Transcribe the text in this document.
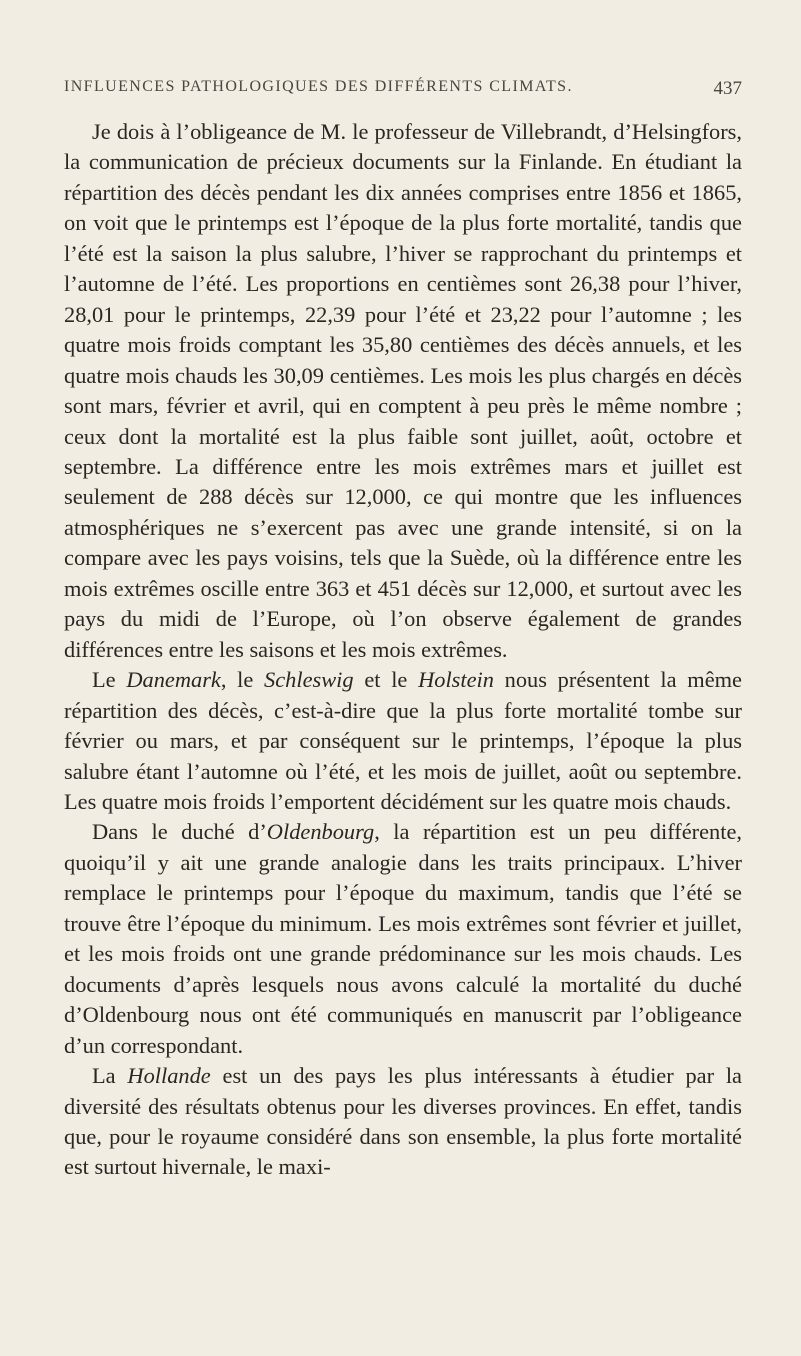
INFLUENCES PATHOLOGIQUES DES DIFFÉRENTS CLIMATS.	437

Je dois à l’obligeance de M. le professeur de Villebrandt, d’Helsingfors, la communication de précieux documents sur la Finlande. En étudiant la répartition des décès pendant les dix années comprises entre 1856 et 1865, on voit que le printemps est l’époque de la plus forte mortalité, tandis que l’été est la saison la plus salubre, l’hiver se rapprochant du printemps et l’automne de l’été. Les proportions en centièmes sont 26,38 pour l’hiver, 28,01 pour le printemps, 22,39 pour l’été et 23,22 pour l’automne ; les quatre mois froids comptant les 35,80 centièmes des décès annuels, et les quatre mois chauds les 30,09 centièmes. Les mois les plus chargés en décès sont mars, février et avril, qui en comptent à peu près le même nombre ; ceux dont la mortalité est la plus faible sont juillet, août, octobre et septembre. La différence entre les mois extrêmes mars et juillet est seulement de 288 décès sur 12,000, ce qui montre que les influences atmosphériques ne s’exercent pas avec une grande intensité, si on la compare avec les pays voisins, tels que la Suède, où la différence entre les mois extrêmes oscille entre 363 et 451 décès sur 12,000, et surtout avec les pays du midi de l’Europe, où l’on observe également de grandes différences entre les saisons et les mois extrêmes.

Le Danemark, le Schleswig et le Holstein nous présentent la même répartition des décès, c’est-à-dire que la plus forte mortalité tombe sur février ou mars, et par conséquent sur le printemps, l’époque la plus salubre étant l’automne où l’été, et les mois de juillet, août ou septembre. Les quatre mois froids l’emportent décidément sur les quatre mois chauds.

Dans le duché d’Oldenbourg, la répartition est un peu différente, quoiqu’il y ait une grande analogie dans les traits principaux. L’hiver remplace le printemps pour l’époque du maximum, tandis que l’été se trouve être l’époque du minimum. Les mois extrêmes sont février et juillet, et les mois froids ont une grande prédominance sur les mois chauds. Les documents d’après lesquels nous avons calculé la mortalité du duché d’Oldenbourg nous ont été communiqués en manuscrit par l’obligeance d’un correspondant.

La Hollande est un des pays les plus intéressants à étudier par la diversité des résultats obtenus pour les diverses provinces. En effet, tandis que, pour le royaume considéré dans son ensemble, la plus forte mortalité est surtout hivernale, le maxi-
